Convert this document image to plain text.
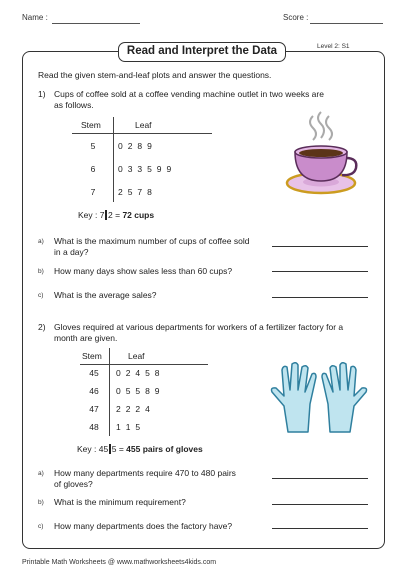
Name :	Score :
Read and Interpret the Data	Level 2: S1
Read the given stem-and-leaf plots and answer the questions.
1) Cups of coffee sold at a coffee vending machine outlet in two weeks are
as follows.
Stem	Leaf
5	0 2 8 9
6	0 3 3 5 9 9
7	2 5 7 8
Key : 7 2 = 72 cups
a) What is the maximum number of cups of coffee sold
in a day?
b) How many days show sales less than 60 cups?
c) What is the average sales?
2) Gloves required at various departments for workers of a fertilizer factory for a
month are given.
Stem	Leaf
45	0 2 4 5 8
46	0 5 5 8 9
47	2 2 2 4
48	1 1 5
Key : 45 5 = 455 pairs of gloves
a) How many departments require 470 to 480 pairs
of gloves?
b) What is the minimum requirement?
c) How many departments does the factory have?
Printable Math Worksheets @ www.mathworksheets4kids.com
